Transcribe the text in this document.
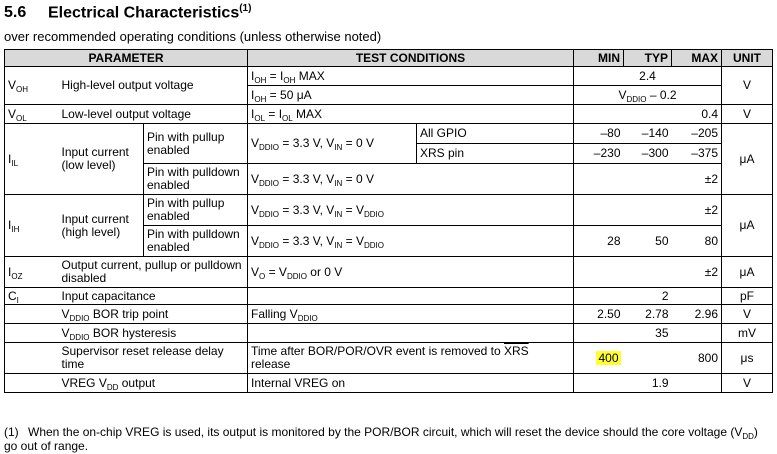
5.6 Electrical Characteristics$^{(1)}$
over recommended operating conditions (unless otherwise noted)
PARAMETER			TEST CONDITIONS		MIN	TYP	MAX	UNIT
$V_{OH}$	High-level output voltage		$I_{OH} = I_{OH}$ MAX		2.4			V
			$I_{OH} = 50$ μA		$V_{DDIO} - 0.2$			
$V_{OL}$	Low-level output voltage		$I_{OL} = I_{OL}$ MAX				0.4	V
$I_{IL}$	Input current (low level)	Pin with pullup enabled	$V_{DDIO} = 3.3$ V, $V_{IN} = 0$ V	All GPIO	–80	–140	–205	μA
				XRS pin	–230	–300	–375	
		Pin with pulldown enabled	$V_{DDIO} = 3.3$ V, $V_{IN} = 0$ V				±2	
$I_{IH}$	Input current (high level)	Pin with pullup enabled	$V_{DDIO} = 3.3$ V, $V_{IN} = V_{DDIO}$				±2	μA
		Pin with pulldown enabled	$V_{DDIO} = 3.3$ V, $V_{IN} = V_{DDIO}$		28	50	80	
$I_{OZ}$	Output current, pullup or pulldown disabled		$V_O = V_{DDIO}$ or 0 V				±2	μA
$C_I$	Input capacitance					2		pF
	$V_{DDIO}$ BOR trip point		Falling $V_{DDIO}$		2.50	2.78	2.96	V
	$V_{DDIO}$ BOR hysteresis					35		mV
	Supervisor reset release delay time		Time after BOR/POR/OVR event is removed to $\overline{XRS}$ release		400		800	μs
	VREG $V_{DD}$ output		Internal VREG on			1.9		V
(1) When the on-chip VREG is used, its output is monitored by the POR/BOR circuit, which will reset the device should the core voltage $(V_{DD})$ go out of range.
